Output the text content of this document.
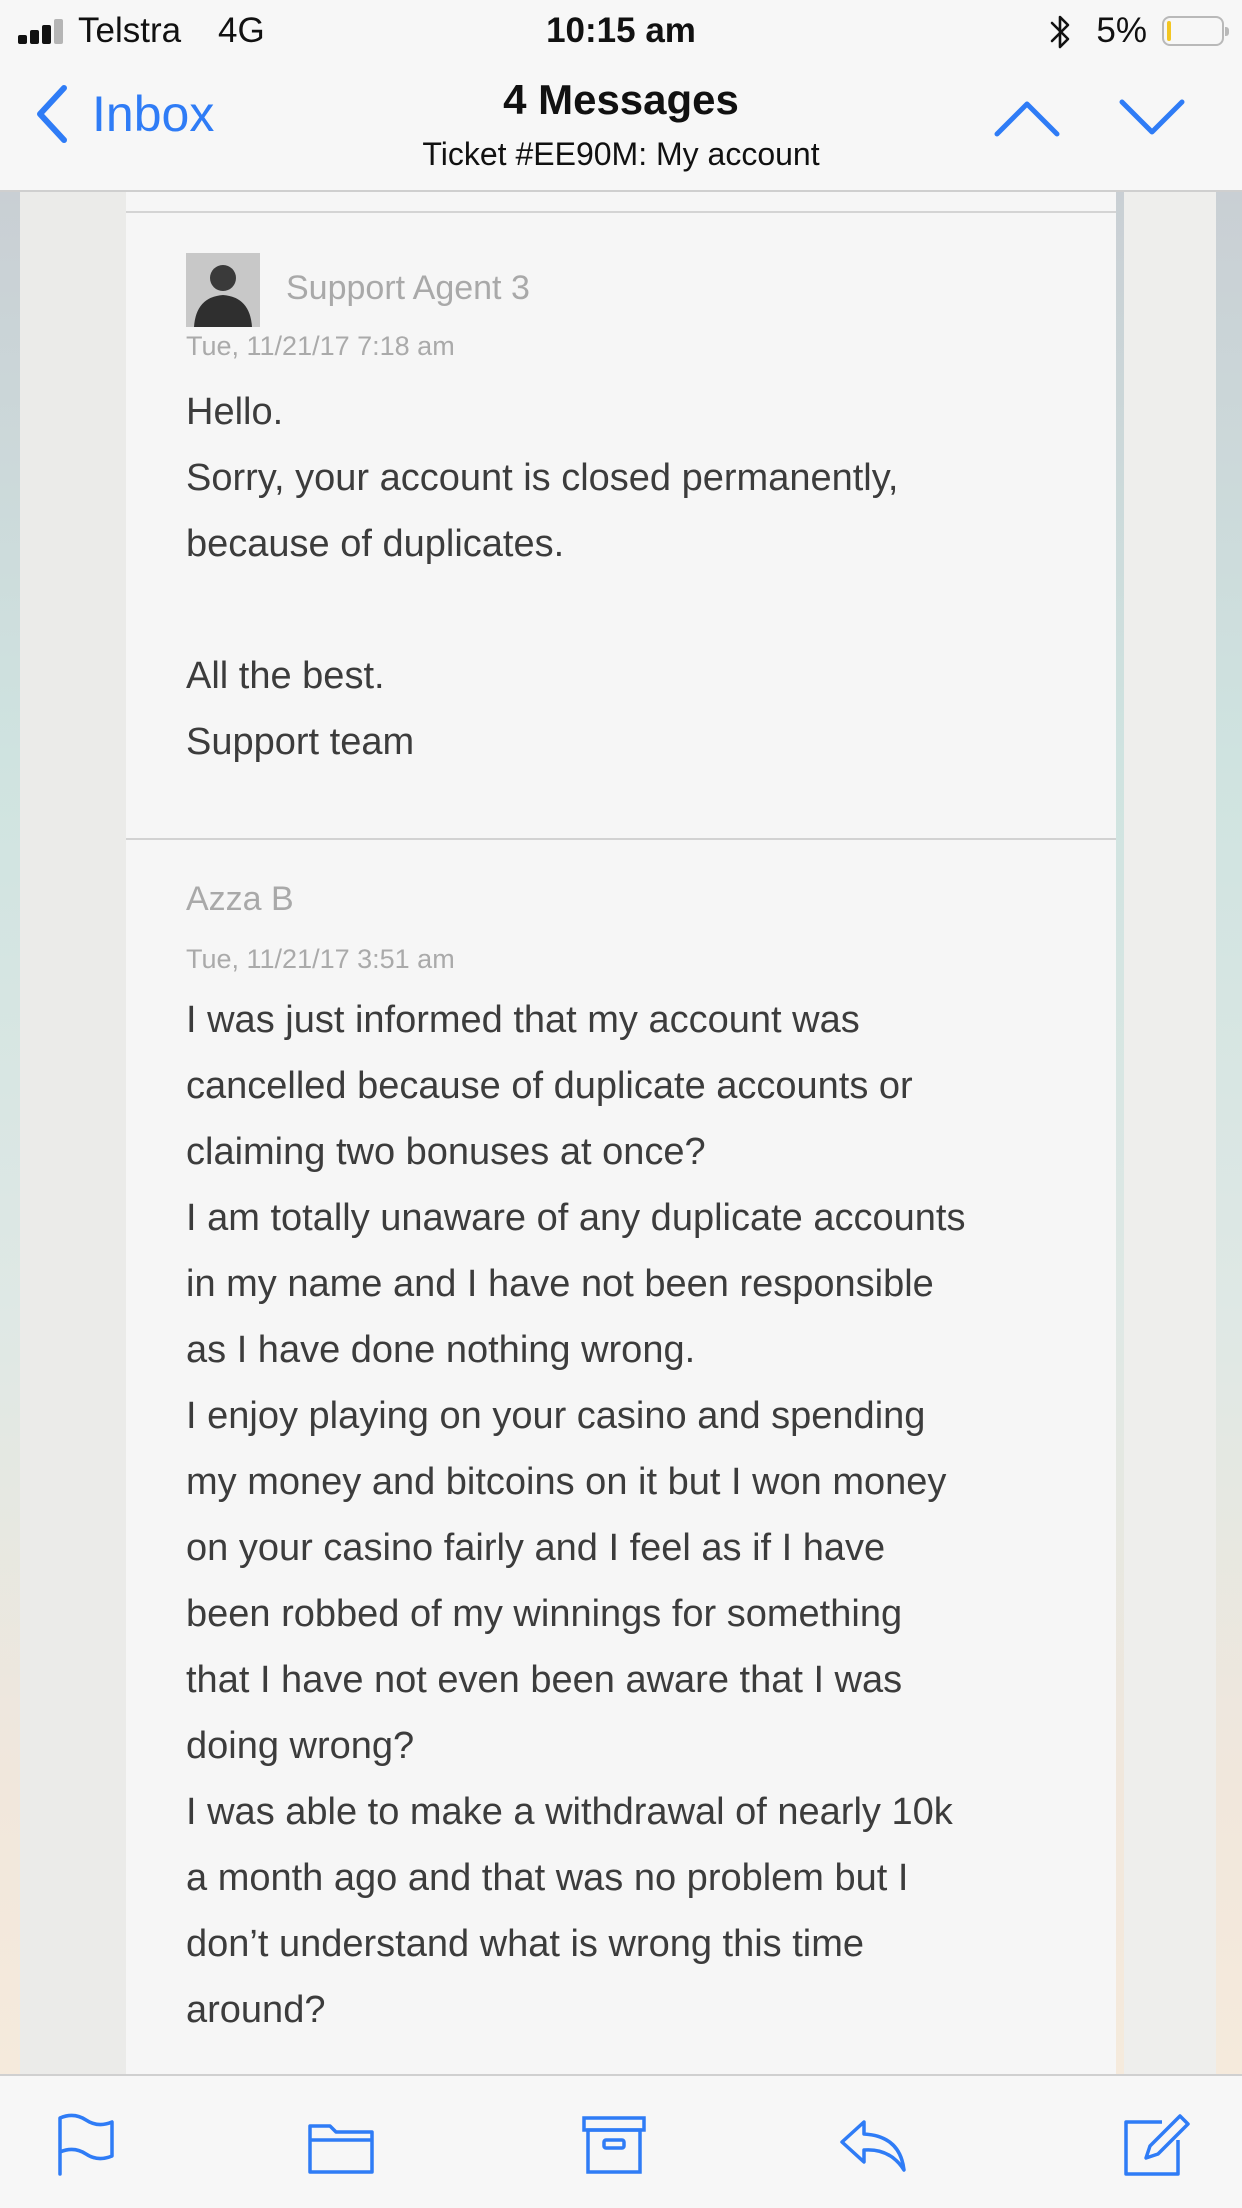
Telstra 4G	10:15 am	5%
Inbox	4 Messages
Ticket #EE90M: My account
Support Agent 3
Tue, 11/21/17 7:18 am
Hello.
Sorry, your account is closed permanently,
because of duplicates.
All the best.
Support team
Azza B
Tue, 11/21/17 3:51 am
I was just informed that my account was
cancelled because of duplicate accounts or
claiming two bonuses at once?
I am totally unaware of any duplicate accounts
in my name and I have not been responsible
as I have done nothing wrong.
I enjoy playing on your casino and spending
my money and bitcoins on it but I won money
on your casino fairly and I feel as if I have
been robbed of my winnings for something
that I have not even been aware that I was
doing wrong?
I was able to make a withdrawal of nearly 10k
a month ago and that was no problem but I
don’t understand what is wrong this time
around?
